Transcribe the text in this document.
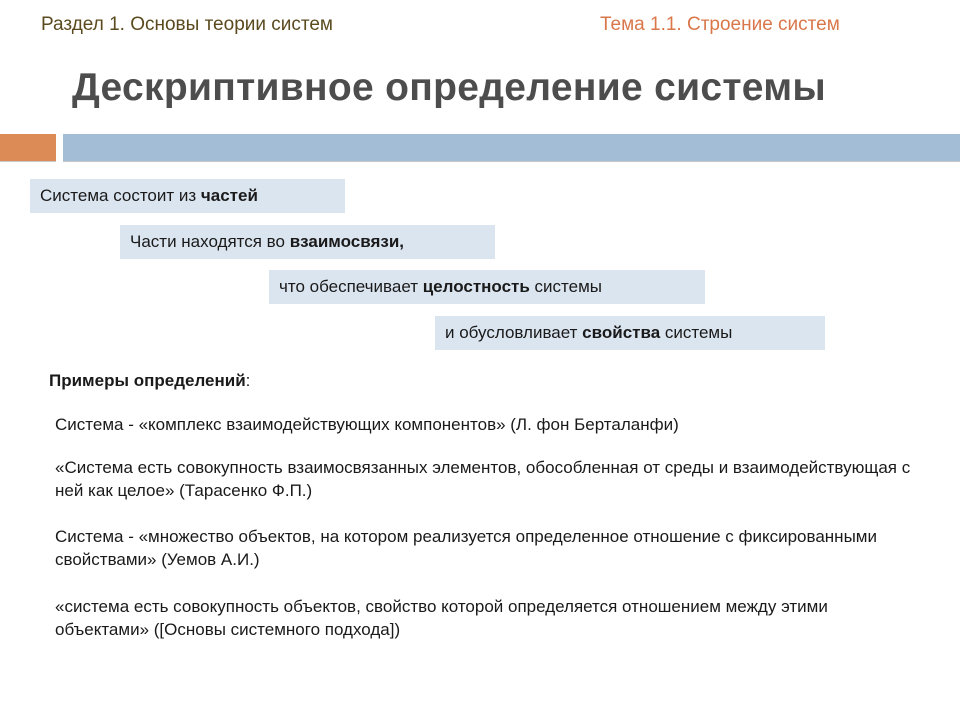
Раздел 1. Основы теории систем	Тема 1.1. Строение систем
Дескриптивное определение системы
Система состоит из частей
Части находятся во взаимосвязи,
что обеспечивает целостность системы
и обусловливает свойства системы
Примеры определений:
Система - «комплекс взаимодействующих компонентов» (Л. фон Берталанфи)
«Система есть совокупность взаимосвязанных элементов, обособленная от среды и взаимодействующая с ней как целое» (Тарасенко Ф.П.)
Система - «множество объектов, на котором реализуется определенное отношение с фиксированными свойствами» (Уемов А.И.)
«система есть совокупность объектов, свойство которой определяется отношением между этими объектами» ([Основы системного подхода])
